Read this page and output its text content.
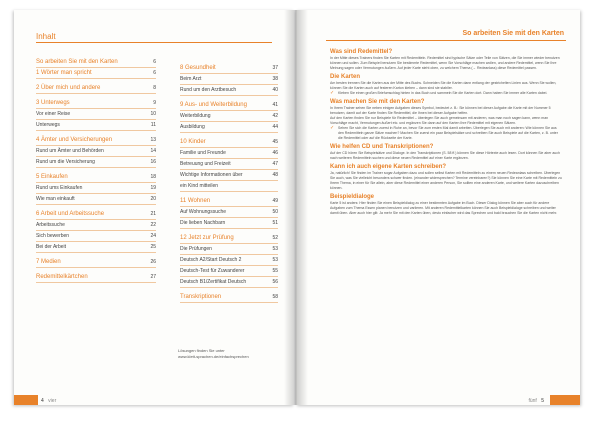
Inhalt
So arbeiten Sie mit den Karten	6
1 Wörter man spricht	6
2 Über mich und andere	8
3 Unterwegs	9
Vor einer Reise	10
Unterwegs	11
4 Ämter und Versicherungen	13
Rund um Ämter und Behörden	14
Rund um die Versicherung	16
5 Einkaufen	18
Rund ums Einkaufen	19
Wie man einkauft	20
6 Arbeit und Arbeitssuche	21
Arbeitssuche	22
Sich bewerben	24
Bei der Arbeit	25
7 Medien	26
Redemittelkärtchen	27
8 Gesundheit	37
Beim Arzt	38
Rund um den Arztbesuch	40
9 Aus- und Weiterbildung	41
Weiterbildung	42
Ausbildung	44
10 Kinder	45
Familie und Freunde	46
Betreuung und Freizeit	47
Wichtige Informationen über	48
ein Kind mitteilen
11 Wohnen	49
Auf Wohnungssuche	50
Die lieben Nachbarn	51
12 Jetzt zur Prüfung	52
Die Prüfungen	53
Deutsch A2/Start Deutsch 2	53
Deutsch-Test für Zuwanderer	55
Deutsch B1/Zertifikat Deutsch	56
Transkriptionen	58
Lösungen finden Sie unter
www.klett-sprachen.de/einfachsprechen
4 vier
So arbeiten Sie mit den Karten
Was sind Redemittel?

In der Mitte dieses Trainers finden Sie Karten mit Redemitteln. Redemittel sind typische Sätze oder Teile von Sätzen, die Sie immer wieder benutzen können und sollen. Zum Beispiel benutzen Sie bestimmte Redemittel, wenn Sie Vorschläge machen wollen, und andere Redemittel, wenn Sie Ihre Meinung sagen oder Vermutungen äußern. Auf jeder Karte steht oben, zu welchem Thema (→ Redeanlass) diese Redemittel passen.

Die Karten

Am besten trennen Sie die Karten aus der Mitte des Buchs. Schneiden Sie die Karten dann entlang der gestrichelten Linien aus. Wenn Sie wollen, können Sie die Karten auch auf festeren Karton kleben – dann sind sie stabiler.

✓ Kleben Sie einen großen Briefumschlag hinten in das Buch und sammeln Sie die Karten dort. Dann haben Sie immer alle Karten dabei.

Was machen Sie mit den Karten?

In Ihrem Trainer sehen Sie neben einigen Aufgaben dieses Symbol, bedeutet z. B.: Sie können bei dieser Aufgabe die Karte mit der Nummer 5 benutzen, damit auf der Karte finden Sie Redemittel, die Ihnen bei dieser Aufgabe helfen.

Auf den Karten finden Sie nur Beispiele für Redemittel – überlegen Sie auch gemeinsam mit anderen, was man noch sagen kann, wenn man Vorschläge macht, Vermutungen äußert etc. und ergänzen Sie dann auf den Karten Ihre Redemittel mit eigenen Sätzen.

✓ Sehen Sie sich die Karten zuerst in Ruhe an, bevor Sie zum ersten Mal damit arbeiten. Überlegen Sie auch mit anderen: Wie können Sie aus den Redemitteln ganze Sätze machen? Machen Sie zuerst ein paar Beispielsätze und schreiben Sie auch Beispiele auf die Karten, z. B. unter die Redemittel oder auf die Rückseite der Karte.

Wie helfen CD und Transkriptionen?

Auf der CD hören Sie Beispielsätze und Dialoge. In den Transkriptionen (S. 58 ff.) können Sie diese Hörtexte auch lesen. Dort können Sie aber auch nach weiteren Redemitteln suchen und diese neuen Redemittel auf einer Karte ergänzen.

Kann ich auch eigene Karten schreiben?

Ja, natürlich! Sie finden im Trainer sogar Aufgaben dazu und sollen selbst Karten mit Redemitteln zu einem neuen Redeanlass schreiben. Überlegen Sie auch, was Sie vielleicht besonders schwer finden. (einander widersprechen? Termine vereinbaren?) Sie können Sie eine Karte mit Redemitteln zu Ihrem Thema, in einer für Sie allein, aber diese Redemittel einer anderen Person, Sie sollten eine anderen Karte, und weitere Karten dazuschreiben können.

Beispieldialoge

Karte 5 ist anders: Hier finden Sie einen Beispieldialog zu einer bestimmten Aufgabe im Buch. Dieser Dialog können Sie aber auch für andere Aufgaben zum Thema Essen planen benutzen und variieren. Mit anderen Redemittelkarten können Sie auch Beispieldialoge schreiben und weiter damit üben. Aber auch hier gilt: Ja mehr Sie mit den Karten üben, desto einfacher wird das Sprechen und bald brauchen Sie die Karten nicht mehr.

fünf 5
